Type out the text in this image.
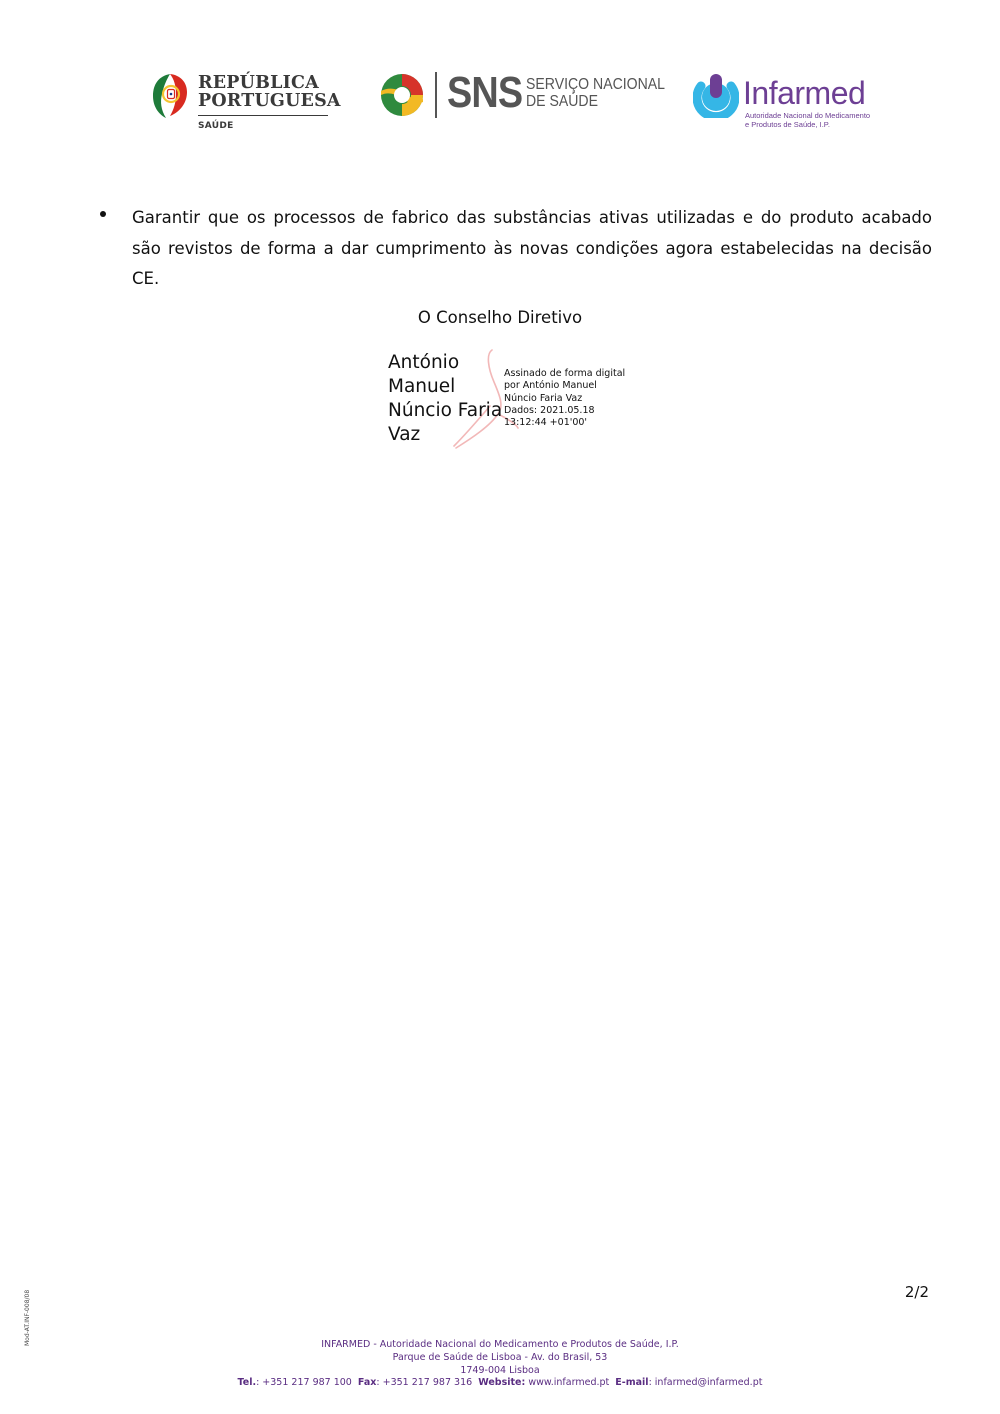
REPÚBLICA
PORTUGUESA
SAÚDE
SNS SERVIÇO NACIONAL
DE SAÚDE	Infarmed
Autoridade Nacional do Medicamento
e Produtos de Saúde, I.P.

Garantir que os processos de fabrico das substâncias ativas utilizadas e do produto acabado são revistos de forma a dar cumprimento às novas condições agora estabelecidas na decisão CE.

O Conselho Diretivo
António
Manuel
Núncio Faria
Vaz
Assinado de forma digital
por António Manuel
Núncio Faria Vaz
Dados: 2021.05.18
13:12:44 +01'00'
2/2
Mod-AT.INF-008/08	INFARMED - Autoridade Nacional do Medicamento e Produtos de Saúde, I.P.
Parque de Saúde de Lisboa - Av. do Brasil, 53
1749-004 Lisboa
Tel.: +351 217 987 100 Fax: +351 217 987 316 Website: www.infarmed.pt E-mail: infarmed@infarmed.pt
